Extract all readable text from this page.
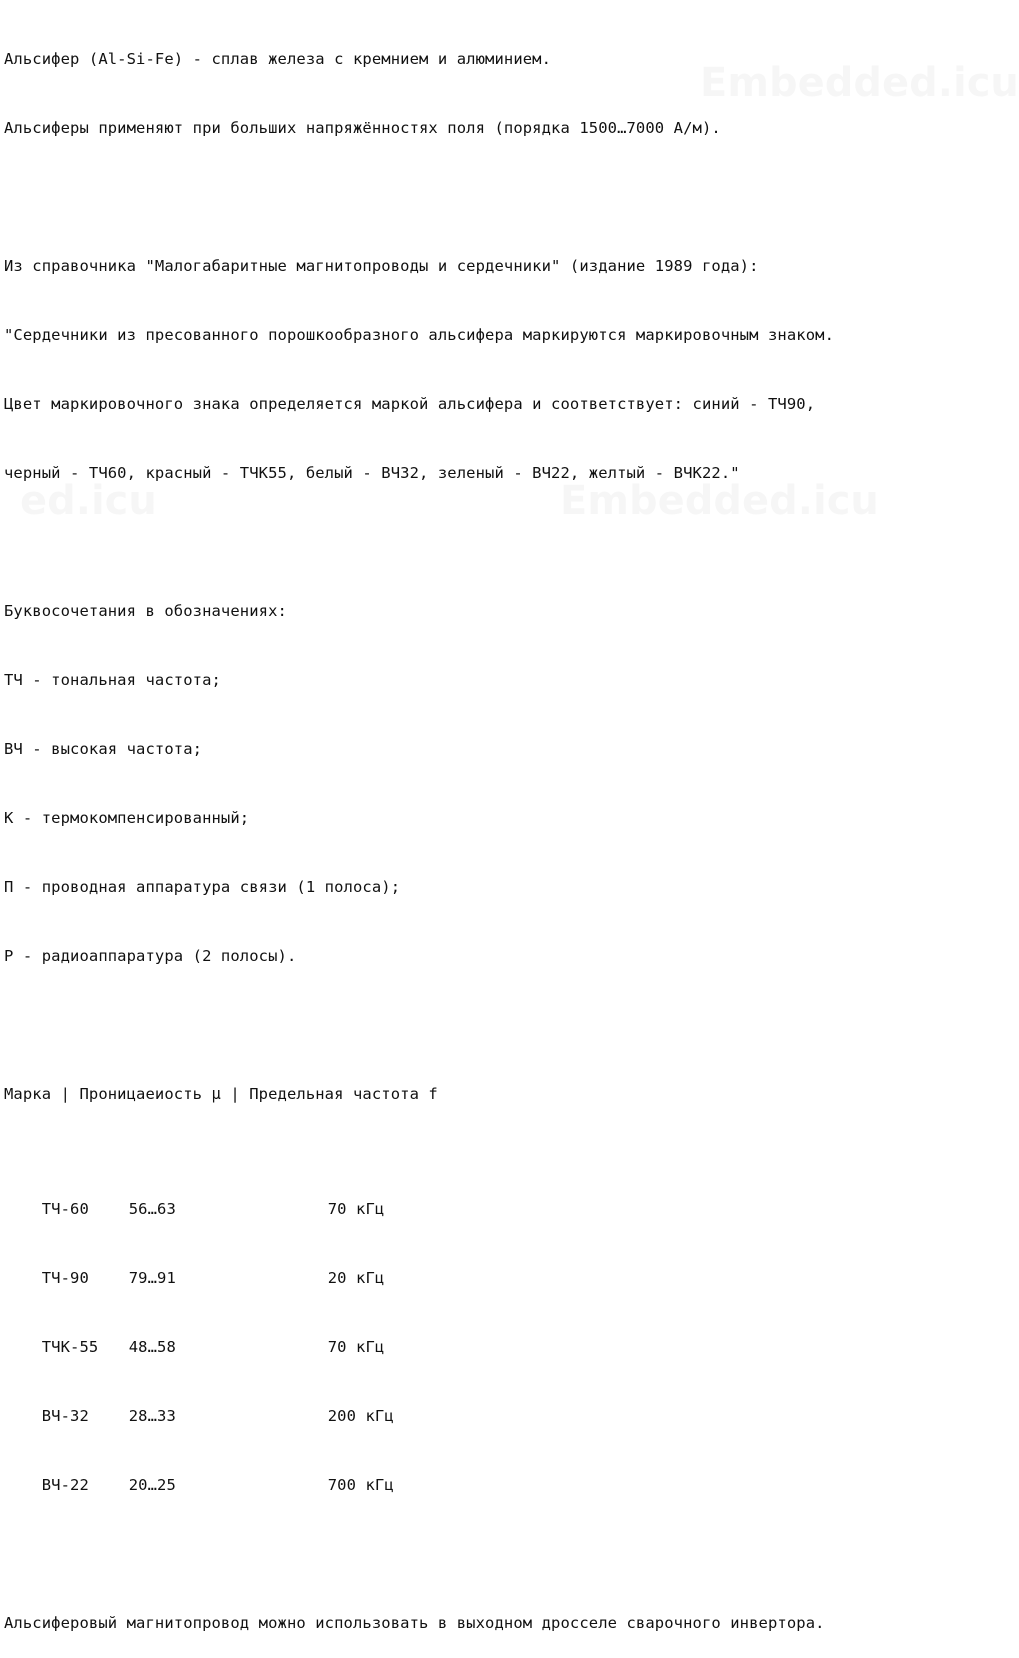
Альсифер (Al-Si-Fe) - сплав железа с кремнием и алюминием.

Альсиферы применяют при больших напряжённостях поля (порядка 1500…7000 А/м).

Из справочника "Малогабаритные магнитопроводы и сердечники" (издание 1989 года):

"Сердечники из пресованного порошкообразного альсифера маркируются маркировочным знаком.

Цвет маркировочного знака определяется маркой альсифера и соответствует: синий - ТЧ90,

черный - ТЧ60, красный - ТЧК55, белый - ВЧ32, зеленый - ВЧ22, желтый - ВЧК22."

Буквосочетания в обозначениях:

ТЧ - тональная частота;

ВЧ - высокая частота;

К - термокомпенсированный;

П - проводная аппаратура связи (1 полоса);

Р - радиоаппаратура (2 полосы).

Марка | Проницаеиость μ | Предельная частота f

ТЧ-60	56…63	70 кГц

ТЧ-90	79…91	20 кГц

ТЧК-55 48…58	70 кГц

ВЧ-32	28…33	200 кГц

ВЧ-22	20…25	700 кГц

Альсиферовый магнитопровод можно использовать в выходном дросселе сварочного инвертора.
